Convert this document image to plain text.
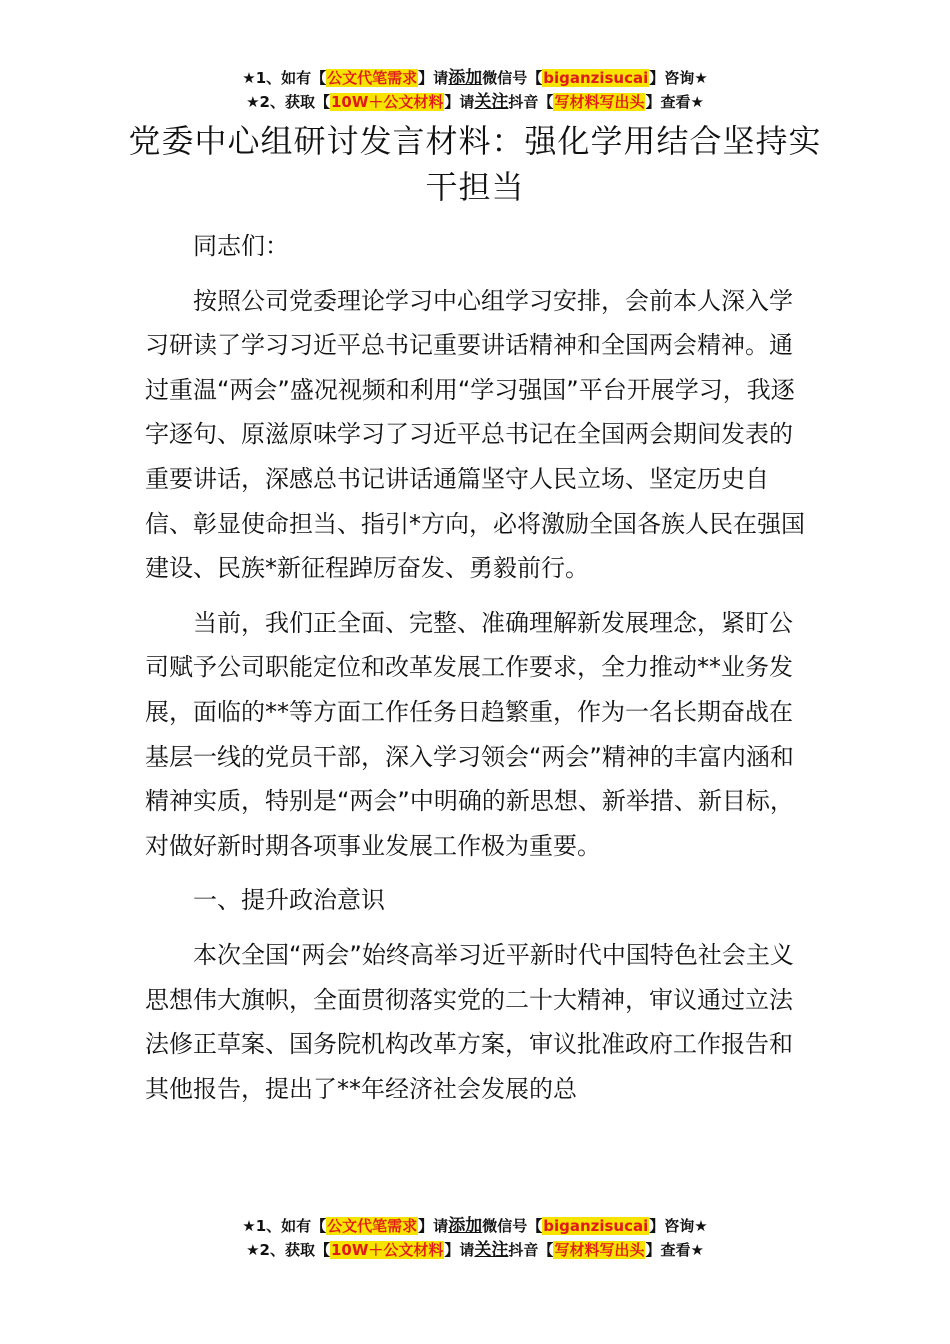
★1、如有【公文代笔需求】请添加微信号【biganzisucai】咨询★
★2、获取【10W＋公文材料】请关注抖音【写材料写出头】查看★
党委中心组研讨发言材料：强化学用结合坚持实干担当

同志们：

按照公司党委理论学习中心组学习安排，会前本人深入学习研读了学习习近平总书记重要讲话精神和全国两会精神。通过重温“两会”盛况视频和利用“学习强国”平台开展学习，我逐字逐句、原滋原味学习了习近平总书记在全国两会期间发表的重要讲话，深感总书记讲话通篇坚守人民立场、坚定历史自信、彰显使命担当、指引*方向，必将激励全国各族人民在强国建设、民族*新征程踔厉奋发、勇毅前行。

当前，我们正全面、完整、准确理解新发展理念，紧盯公司赋予公司职能定位和改革发展工作要求，全力推动**业务发展，面临的**等方面工作任务日趋繁重，作为一名长期奋战在基层一线的党员干部，深入学习领会“两会”精神的丰富内涵和精神实质，特别是“两会”中明确的新思想、新举措、新目标，对做好新时期各项事业发展工作极为重要。

一、提升政治意识

本次全国“两会”始终高举习近平新时代中国特色社会主义思想伟大旗帜，全面贯彻落实党的二十大精神，审议通过立法法修正草案、国务院机构改革方案，审议批准政府工作报告和其他报告，提出了**年经济社会发展的总

★1、如有【公文代笔需求】请添加微信号【biganzisucai】咨询★
★2、获取【10W＋公文材料】请关注抖音【写材料写出头】查看★
